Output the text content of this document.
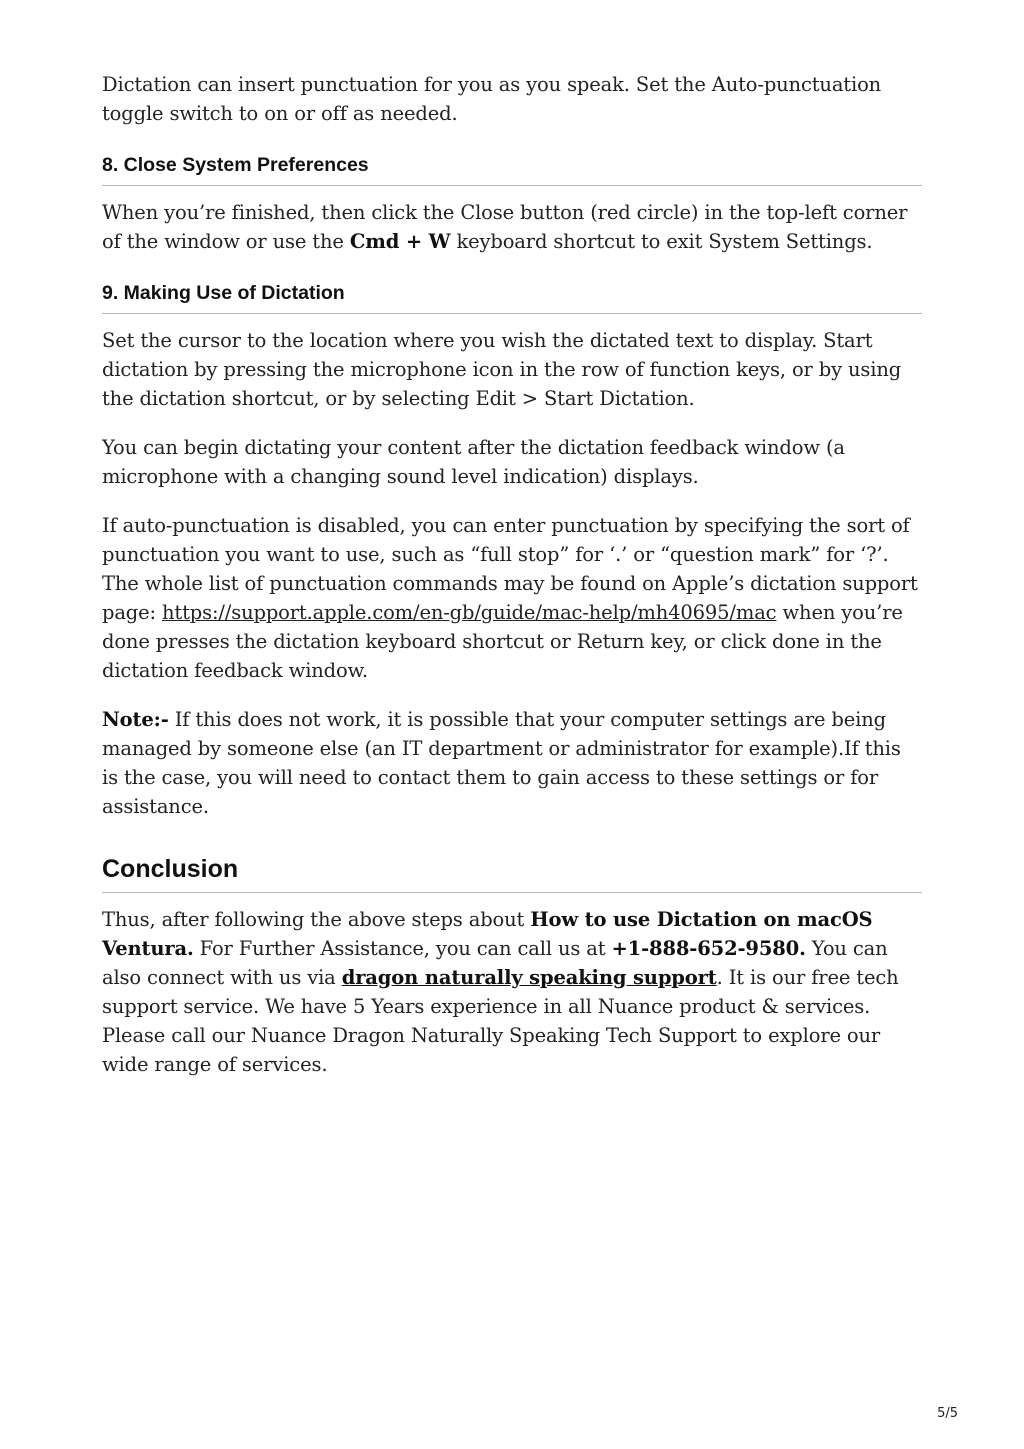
Dictation can insert punctuation for you as you speak. Set the Auto-punctuation toggle switch to on or off as needed.

8. Close System Preferences

When you’re finished, then click the Close button (red circle) in the top-left corner of the window or use the Cmd + W keyboard shortcut to exit System Settings.

9. Making Use of Dictation

Set the cursor to the location where you wish the dictated text to display. Start dictation by pressing the microphone icon in the row of function keys, or by using the dictation shortcut, or by selecting Edit > Start Dictation.

You can begin dictating your content after the dictation feedback window (a microphone with a changing sound level indication) displays.

If auto-punctuation is disabled, you can enter punctuation by specifying the sort of punctuation you want to use, such as “full stop” for ‘.’ or “question mark” for ‘?’. The whole list of punctuation commands may be found on Apple’s dictation support page: https://support.apple.com/en-gb/guide/mac-help/mh40695/mac when you’re done presses the dictation keyboard shortcut or Return key, or click done in the dictation feedback window.

Note:- If this does not work, it is possible that your computer settings are being managed by someone else (an IT department or administrator for example).If this is the case, you will need to contact them to gain access to these settings or for assistance.

Conclusion

Thus, after following the above steps about How to use Dictation on macOS Ventura. For Further Assistance, you can call us at +1-888-652-9580. You can also connect with us via dragon naturally speaking support. It is our free tech support service. We have 5 Years experience in all Nuance product & services. Please call our Nuance Dragon Naturally Speaking Tech Support to explore our wide range of services.

5/5
